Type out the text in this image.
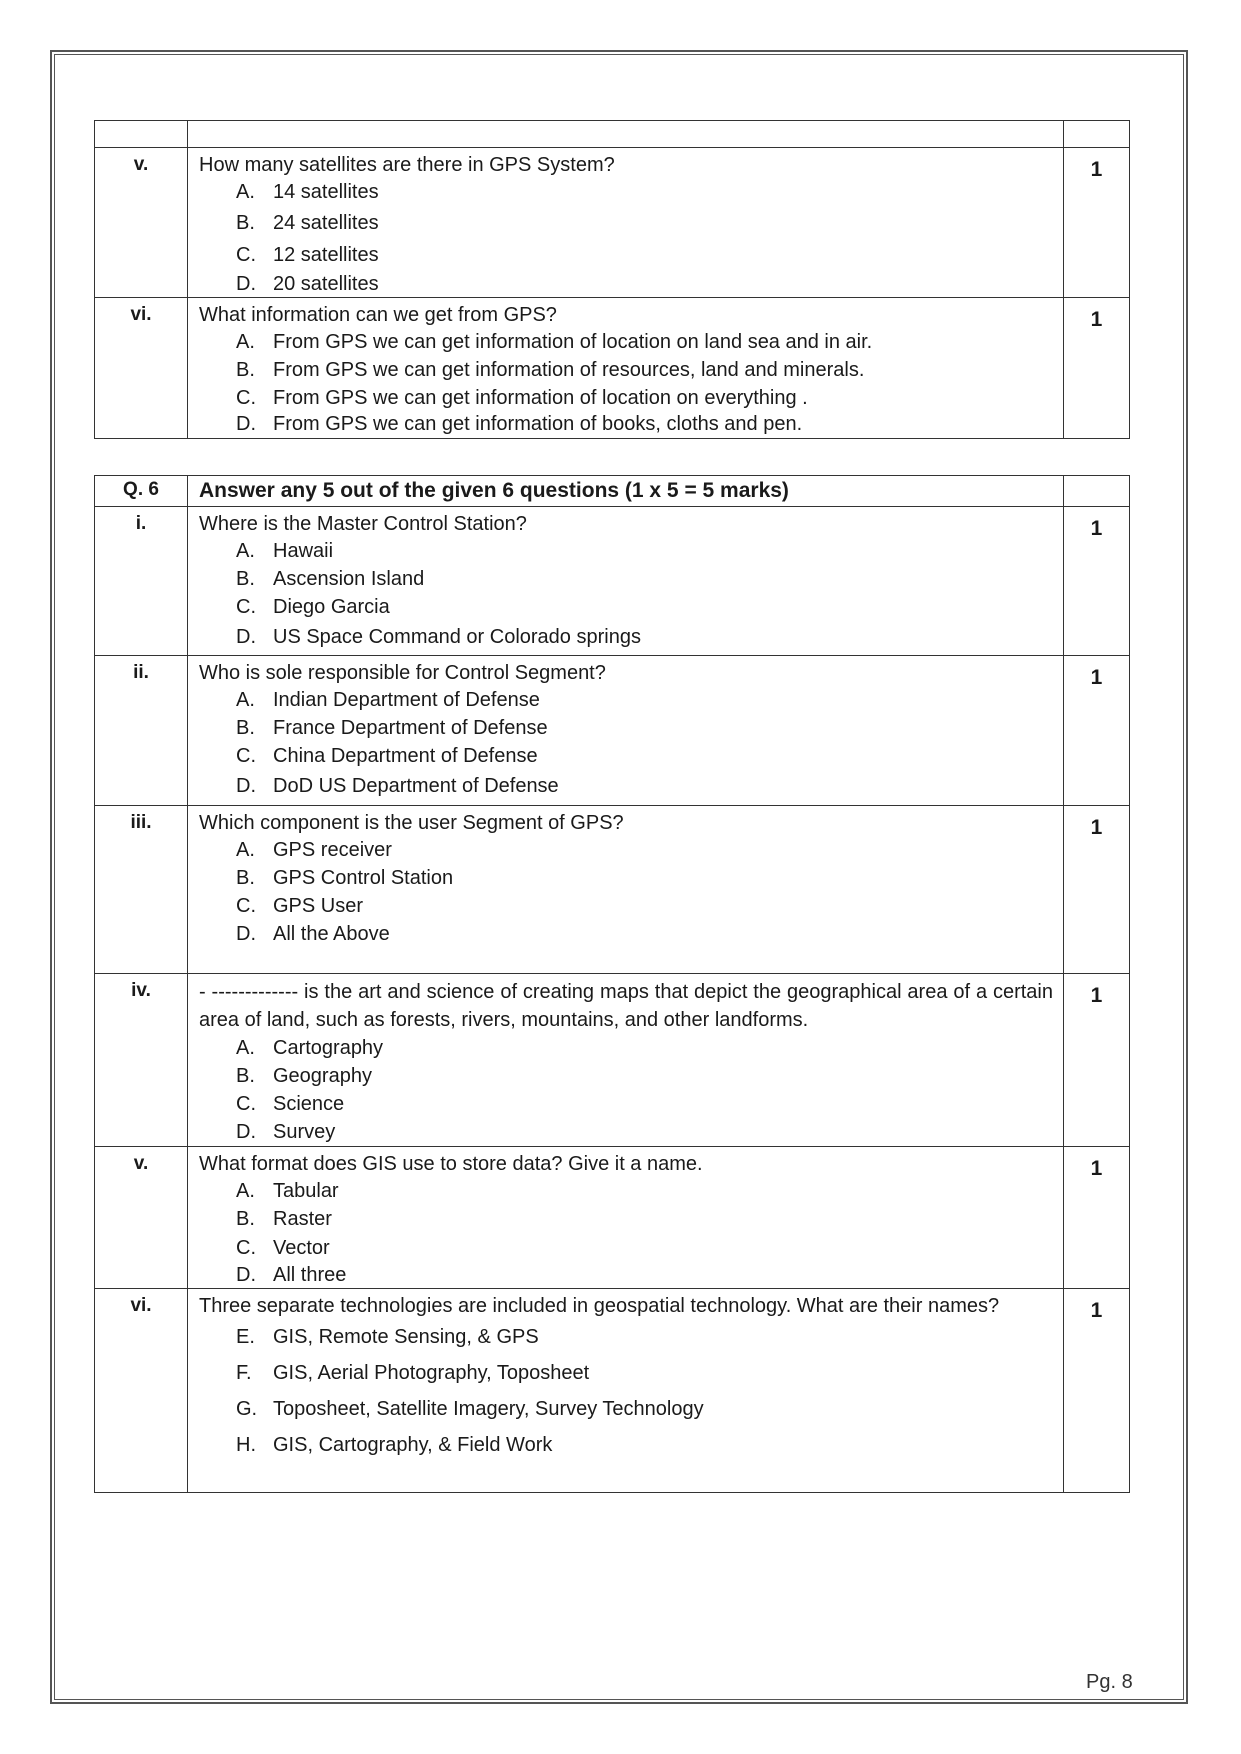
v.	How many satellites are there in GPS System?
A. 14 satellites
B. 24 satellites
C. 12 satellites
D. 20 satellites	1
vi.	What information can we get from GPS?
A. From GPS we can get information of location on land sea and in air.
B. From GPS we can get information of resources, land and minerals.
C. From GPS we can get information of location on everything .
D. From GPS we can get information of books, cloths and pen.	1
Q. 6	Answer any 5 out of the given 6 questions (1 x 5 = 5 marks)	
i.	Where is the Master Control Station?
A. Hawaii
B. Ascension Island
C. Diego Garcia
D. US Space Command or Colorado springs	1
ii.	Who is sole responsible for Control Segment?
A. Indian Department of Defense
B. France Department of Defense
C. China Department of Defense
D. DoD US Department of Defense	1
iii.	Which component is the user Segment of GPS?
A. GPS receiver
B. GPS Control Station
C. GPS User
D. All the Above	1
iv.	- ------------- is the art and science of creating maps that depict the geographical area of a certain area of land, such as forests, rivers, mountains, and other landforms.
A. Cartography
B. Geography
C. Science
D. Survey	1
v.	What format does GIS use to store data? Give it a name.
A. Tabular
B. Raster
C. Vector
D. All three	1
vi.	Three separate technologies are included in geospatial technology. What are their names?
E. GIS, Remote Sensing, & GPS
F. GIS, Aerial Photography, Toposheet
G. Toposheet, Satellite Imagery, Survey Technology
H. GIS, Cartography, & Field Work	1
Pg. 8
